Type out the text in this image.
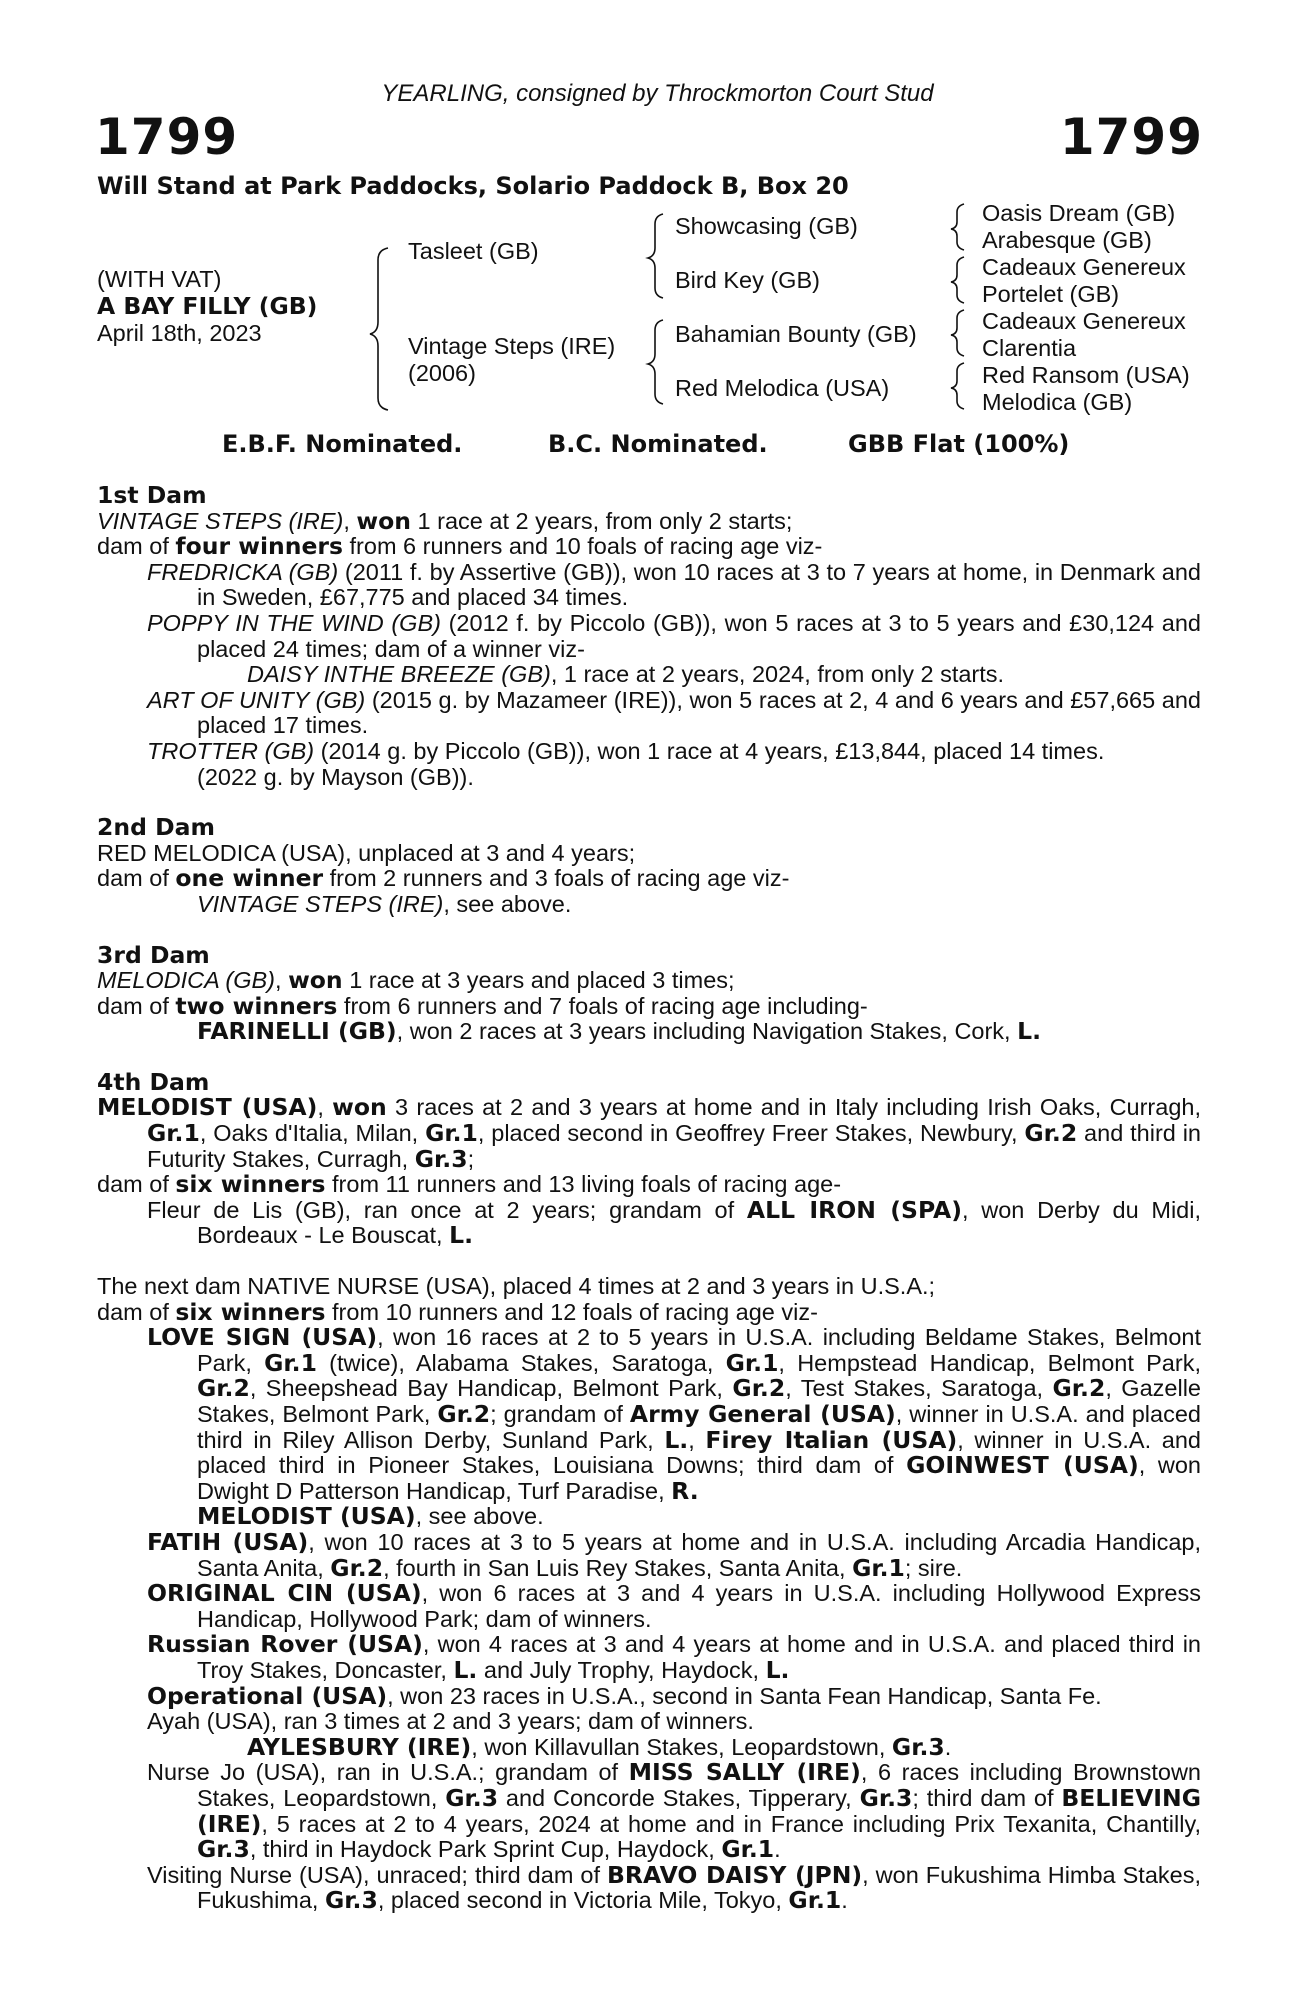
YEARLING, consigned by Throckmorton Court Stud
1799	1799
Will Stand at Park Paddocks, Solario Paddock B, Box 20
(WITH VAT)
A BAY FILLY (GB)
April 18th, 2023
Tasleet (GB)
Vintage Steps (IRE)
(2006)
Showcasing (GB)
Bird Key (GB)
Bahamian Bounty (GB)
Red Melodica (USA)
Oasis Dream (GB)
Arabesque (GB)
Cadeaux Genereux
Portelet (GB)
Cadeaux Genereux
Clarentia
Red Ransom (USA)
Melodica (GB)
E.B.F. Nominated.	B.C. Nominated.	GBB Flat (100%)

1st Dam

VINTAGE STEPS (IRE), won 1 race at 2 years, from only 2 starts;

dam of four winners from 6 runners and 10 foals of racing age viz-

FREDRICKA (GB) (2011 f. by Assertive (GB)), won 10 races at 3 to 7 years at home, in Denmark and in Sweden, £67,775 and placed 34 times.

POPPY IN THE WIND (GB) (2012 f. by Piccolo (GB)), won 5 races at 3 to 5 years and £30,124 and placed 24 times; dam of a winner viz-

DAISY INTHE BREEZE (GB), 1 race at 2 years, 2024, from only 2 starts.

ART OF UNITY (GB) (2015 g. by Mazameer (IRE)), won 5 races at 2, 4 and 6 years and £57,665 and placed 17 times.

TROTTER (GB) (2014 g. by Piccolo (GB)), won 1 race at 4 years, £13,844, placed 14 times.

(2022 g. by Mayson (GB)).

2nd Dam

RED MELODICA (USA), unplaced at 3 and 4 years;

dam of one winner from 2 runners and 3 foals of racing age viz-

VINTAGE STEPS (IRE), see above.

3rd Dam

MELODICA (GB), won 1 race at 3 years and placed 3 times;

dam of two winners from 6 runners and 7 foals of racing age including-

FARINELLI (GB), won 2 races at 3 years including Navigation Stakes, Cork, L.

4th Dam

MELODIST (USA), won 3 races at 2 and 3 years at home and in Italy including Irish Oaks, Curragh, Gr.1, Oaks d'Italia, Milan, Gr.1, placed second in Geoffrey Freer Stakes, Newbury, Gr.2 and third in Futurity Stakes, Curragh, Gr.3;

dam of six winners from 11 runners and 13 living foals of racing age-

Fleur de Lis (GB), ran once at 2 years; grandam of ALL IRON (SPA), won Derby du Midi, Bordeaux - Le Bouscat, L.

The next dam NATIVE NURSE (USA), placed 4 times at 2 and 3 years in U.S.A.;

dam of six winners from 10 runners and 12 foals of racing age viz-

LOVE SIGN (USA), won 16 races at 2 to 5 years in U.S.A. including Beldame Stakes, Belmont Park, Gr.1 (twice), Alabama Stakes, Saratoga, Gr.1, Hempstead Handicap, Belmont Park, Gr.2, Sheepshead Bay Handicap, Belmont Park, Gr.2, Test Stakes, Saratoga, Gr.2, Gazelle Stakes, Belmont Park, Gr.2; grandam of Army General (USA), winner in U.S.A. and placed third in Riley Allison Derby, Sunland Park, L., Firey Italian (USA), winner in U.S.A. and placed third in Pioneer Stakes, Louisiana Downs; third dam of GOINWEST (USA), won Dwight D Patterson Handicap, Turf Paradise, R.

MELODIST (USA), see above.

FATIH (USA), won 10 races at 3 to 5 years at home and in U.S.A. including Arcadia Handicap, Santa Anita, Gr.2, fourth in San Luis Rey Stakes, Santa Anita, Gr.1; sire.

ORIGINAL CIN (USA), won 6 races at 3 and 4 years in U.S.A. including Hollywood Express Handicap, Hollywood Park; dam of winners.

Russian Rover (USA), won 4 races at 3 and 4 years at home and in U.S.A. and placed third in Troy Stakes, Doncaster, L. and July Trophy, Haydock, L.

Operational (USA), won 23 races in U.S.A., second in Santa Fean Handicap, Santa Fe.

Ayah (USA), ran 3 times at 2 and 3 years; dam of winners.

AYLESBURY (IRE), won Killavullan Stakes, Leopardstown, Gr.3.

Nurse Jo (USA), ran in U.S.A.; grandam of MISS SALLY (IRE), 6 races including Brownstown Stakes, Leopardstown, Gr.3 and Concorde Stakes, Tipperary, Gr.3; third dam of BELIEVING (IRE), 5 races at 2 to 4 years, 2024 at home and in France including Prix Texanita, Chantilly, Gr.3, third in Haydock Park Sprint Cup, Haydock, Gr.1.

Visiting Nurse (USA), unraced; third dam of BRAVO DAISY (JPN), won Fukushima Himba Stakes, Fukushima, Gr.3, placed second in Victoria Mile, Tokyo, Gr.1.
